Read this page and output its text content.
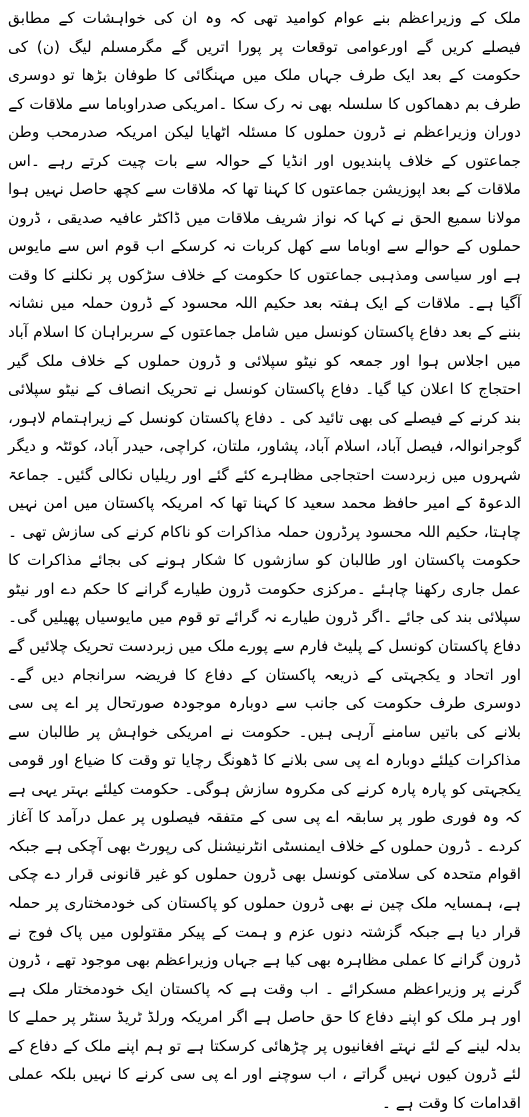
ملک کے وزیراعظم بنے عوام کوامید تھی کہ وہ ان کی خواہشات کے مطابق فیصلے کریں گے اورعوامی توقعات پر پورا اتریں گے مگرمسلم لیگ (ن) کی حکومت کے بعد ایک طرف جہاں ملک میں مہنگائی کا طوفان بڑھا تو دوسری طرف بم دھماکوں کا سلسلہ بھی نہ رک سکا ۔امریکی صدراوباما سے ملاقات کے دوران وزیراعظم نے ڈرون حملوں کا مسئلہ اٹھایا لیکن امریکہ صدرمحب وطن جماعتوں کے خلاف پابندیوں اور انڈیا کے حوالہ سے بات چیت کرتے رہے ۔اس ملاقات کے بعد اپوزیشن جماعتوں کا کہنا تھا کہ ملاقات سے کچھ حاصل نہیں ہوا مولانا سمیع الحق نے کہا کہ نواز شریف ملاقات میں ڈاکٹر عافیہ صدیقی ، ڈرون حملوں کے حوالے سے اوباما سے کھل کربات نہ کرسکے اب قوم اس سے مایوس ہے اور سیاسی ومذہبی جماعتوں کا حکومت کے خلاف سڑکوں پر نکلنے کا وقت آگیا ہے۔ ملاقات کے ایک ہفتہ بعد حکیم اللہ محسود کے ڈرون حملہ میں نشانہ بننے کے بعد دفاع پاکستان کونسل میں شامل جماعتوں کے سربراہان کا اسلام آباد میں اجلاس ہوا اور جمعہ کو نیٹو سپلائی و ڈرون حملوں کے خلاف ملک گیر احتجاج کا اعلان کیا گیا۔ دفاع پاکستان کونسل نے تحریک انصاف کے نیٹو سپلائی بند کرنے کے فیصلے کی بھی تائید کی ۔ دفاع پاکستان کونسل کے زیراہتمام لاہور، گوجرانوالہ، فیصل آباد، اسلام آباد، پشاور، ملتان، کراچی، حیدر آباد، کوئٹہ و دیگر شہروں میں زبردست احتجاجی مظاہرے کئے گئے اور ریلیاں نکالی گئیں۔ جماعۃ الدعوۃ کے امیر حافظ محمد سعید کا کہنا تھا کہ امریکہ پاکستان میں امن نہیں چاہتا، حکیم اللہ محسود پرڈرون حملہ مذاکرات کو ناکام کرنے کی سازش تھی ۔حکومت پاکستان اور طالبان کو سازشوں کا شکار ہونے کی بجائے مذاکرات کا عمل جاری رکھنا چاہئے ۔مرکزی حکومت ڈرون طیارے گرانے کا حکم دے اور نیٹو سپلائی بند کی جائے ۔اگر ڈرون طیارے نہ گرائے تو قوم میں مایوسیاں پھیلیں گی۔ دفاع پاکستان کونسل کے پلیٹ فارم سے پورے ملک میں زبردست تحریک چلائیں گے اور اتحاد و یکجہتی کے ذریعہ پاکستان کے دفاع کا فریضہ سرانجام دیں گے۔ دوسری طرف حکومت کی جانب سے دوبارہ موجودہ صورتحال پر اے پی سی بلانے کی باتیں سامنے آرہی ہیں۔ حکومت نے امریکی خواہش پر طالبان سے مذاکرات کیلئے دوبارہ اے پی سی بلانے کا ڈھونگ رچایا تو وقت کا ضیاع اور قومی یکجہتی کو پارہ پارہ کرنے کی مکروہ سازش ہوگی۔ حکومت کیلئے بہتر یہی ہے کہ وہ فوری طور پر سابقہ اے پی سی کے متفقہ فیصلوں پر عمل درآمد کا آغاز کردے ۔ ڈرون حملوں کے خلاف ایمنسٹی انٹرنیشنل کی رپورٹ بھی آچکی ہے جبکہ اقوام متحدہ کی سلامتی کونسل بھی ڈرون حملوں کو غیر قانونی قرار دے چکی ہے، ہمسایہ ملک چین نے بھی ڈرون حملوں کو پاکستان کی خودمختاری پر حملہ قرار دیا ہے جبکہ گزشتہ دنوں عزم و ہمت کے پیکر مقتولوں میں پاک فوج نے ڈرون گرانے کا عملی مظاہرہ بھی کیا ہے جہاں وزیراعظم بھی موجود تھے ، ڈرون گرنے پر وزیراعظم مسکرائے ۔ اب وقت ہے کہ پاکستان ایک خودمختار ملک ہے اور ہر ملک کو اپنے دفاع کا حق حاصل ہے اگر امریکہ ورلڈ ٹریڈ سنٹر پر حملے کا بدلہ لینے کے لئے نہتے افغانیوں پر چڑھائی کرسکتا ہے تو ہم اپنے ملک کے دفاع کے لئے ڈرون کیوں نہیں گراتے ، اب سوچنے اور اے پی سی کرنے کا نہیں بلکہ عملی اقدامات کا وقت ہے ۔
